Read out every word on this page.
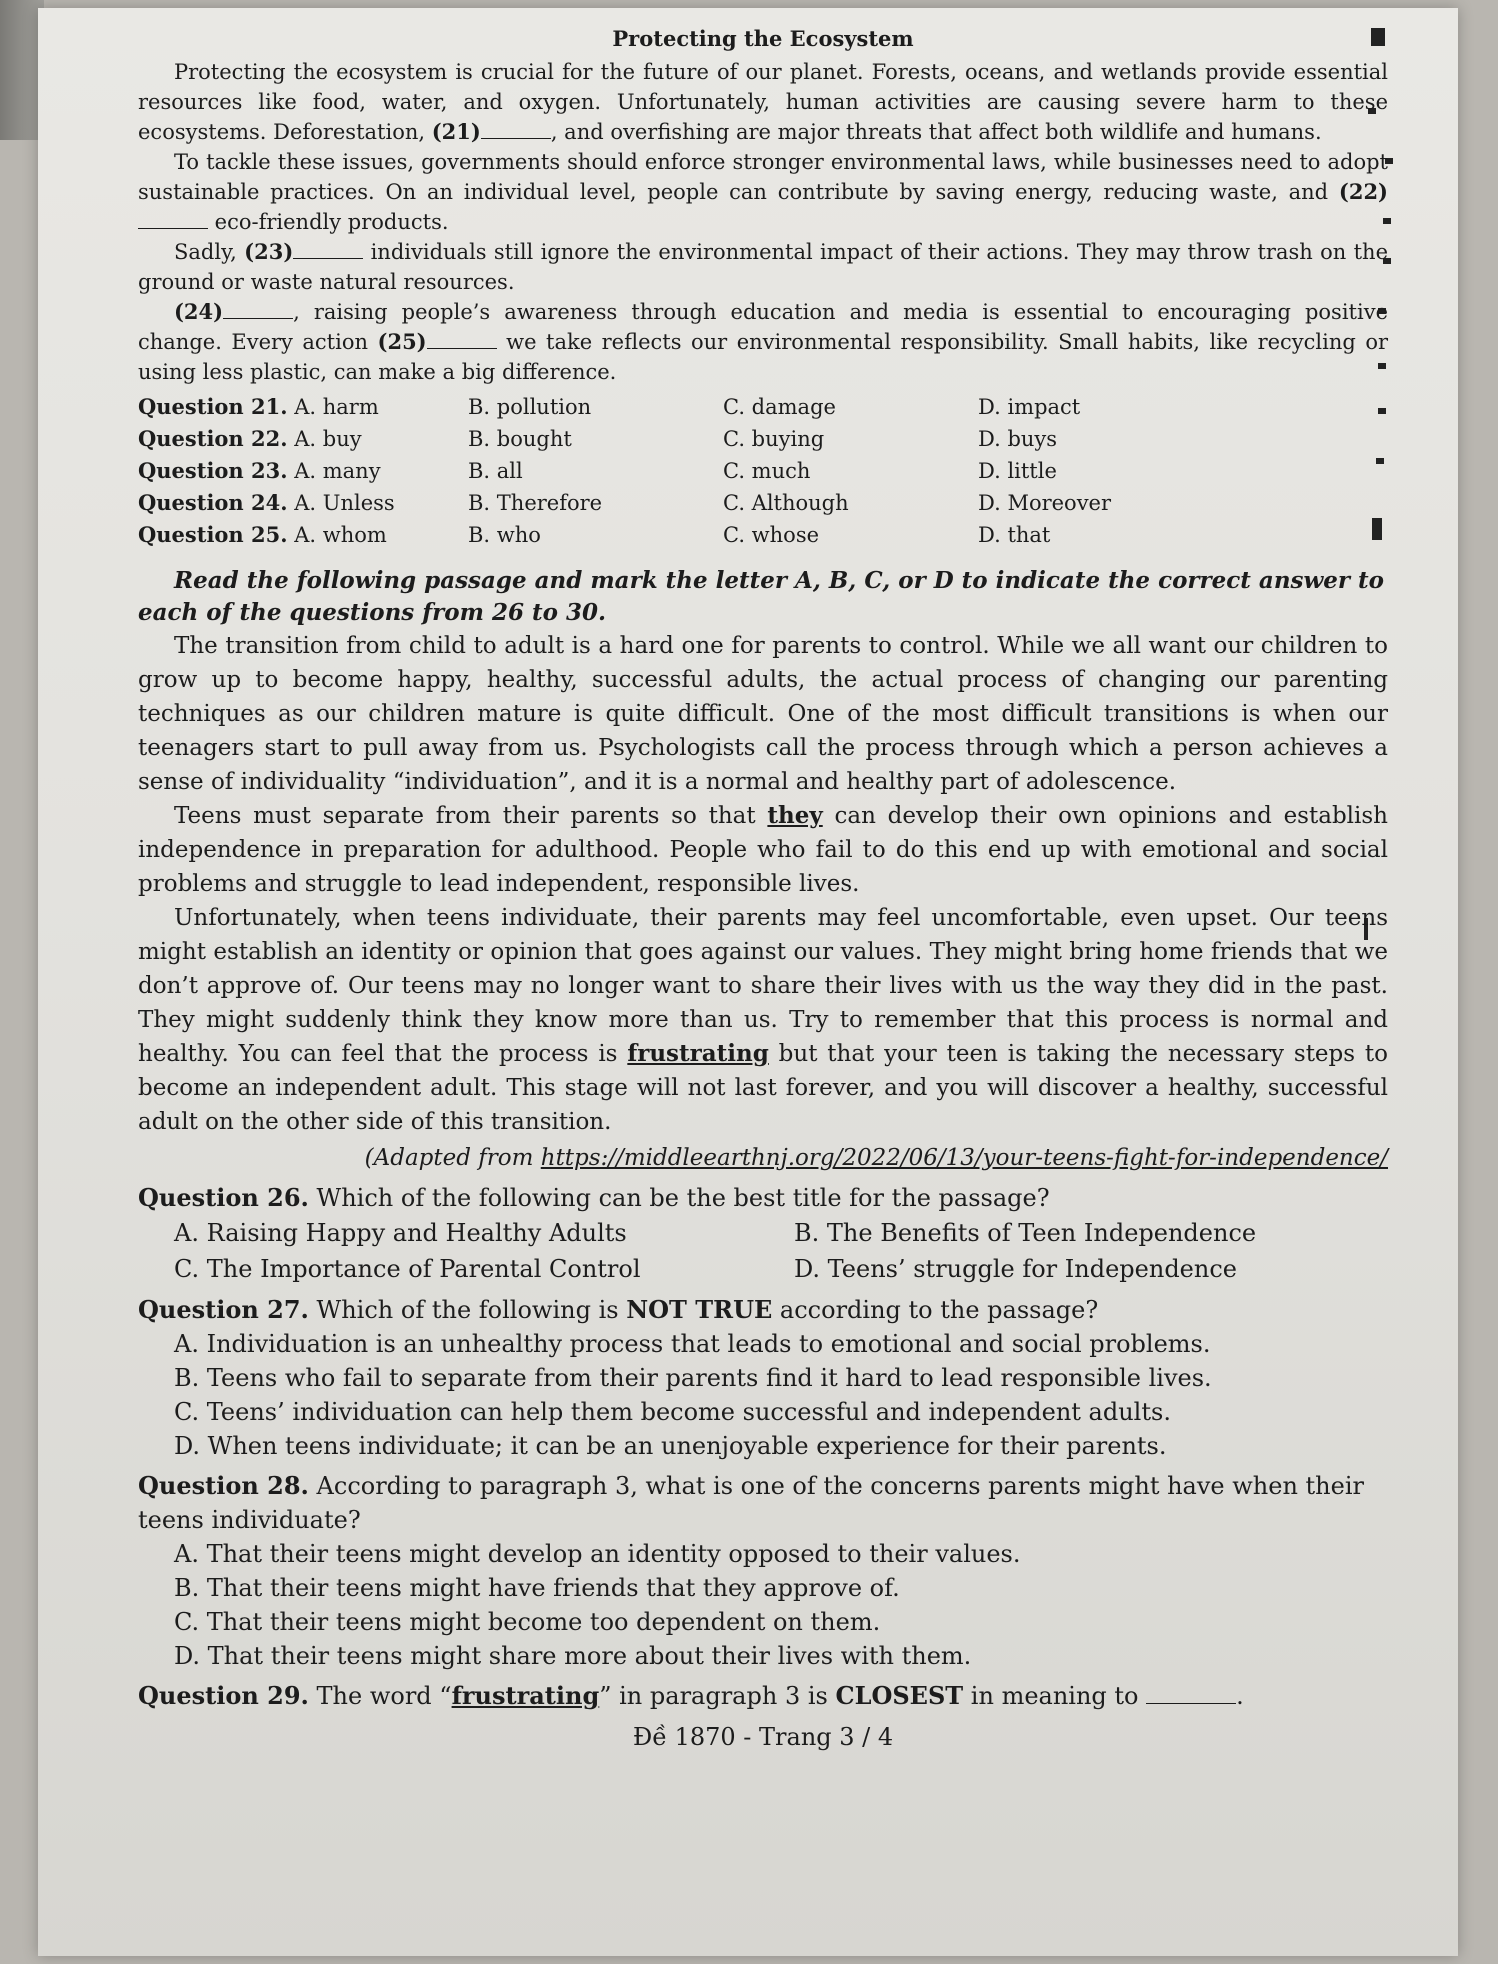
Protecting the Ecosystem

Protecting the ecosystem is crucial for the future of our planet. Forests, oceans, and wetlands provide essential resources like food, water, and oxygen. Unfortunately, human activities are causing severe harm to these ecosystems. Deforestation, (21)	, and overfishing are major threats that affect both wildlife and humans.

To tackle these issues, governments should enforce stronger environmental laws, while businesses need to adopt sustainable practices. On an individual level, people can contribute by saving energy, reducing waste, and (22) eco-friendly products.

Sadly, (23)	individuals still ignore the environmental impact of their actions. They may throw trash on the ground or waste natural resources.

(24)	, raising people’s awareness through education and media is essential to encouraging positive change. Every action (25)	we take reflects our environmental responsibility. Small habits, like recycling or using less plastic, can make a big difference.

Question 21. A. harm	B. pollution	C. damage	D. impact
Question 22. A. buy	B. bought	C. buying	D. buys
Question 23. A. many	B. all	C. much	D. little
Question 24. A. Unless	B. Therefore	C. Although	D. Moreover
Question 25. A. whom	B. who	C. whose	D. that

Read the following passage and mark the letter A, B, C, or D to indicate the correct answer to each of the questions from 26 to 30.

The transition from child to adult is a hard one for parents to control. While we all want our children to grow up to become happy, healthy, successful adults, the actual process of changing our parenting techniques as our children mature is quite difficult. One of the most difficult transitions is when our teenagers start to pull away from us. Psychologists call the process through which a person achieves a sense of individuality “individuation”, and it is a normal and healthy part of adolescence.

Teens must separate from their parents so that they can develop their own opinions and establish independence in preparation for adulthood. People who fail to do this end up with emotional and social problems and struggle to lead independent, responsible lives.

Unfortunately, when teens individuate, their parents may feel uncomfortable, even upset. Our teens might establish an identity or opinion that goes against our values. They might bring home friends that we don’t approve of. Our teens may no longer want to share their lives with us the way they did in the past. They might suddenly think they know more than us. Try to remember that this process is normal and healthy. You can feel that the process is frustrating but that your teen is taking the necessary steps to become an independent adult. This stage will not last forever, and you will discover a healthy, successful adult on the other side of this transition.

(Adapted from https://middleearthnj.org/2022/06/13/your-teens-fight-for-independence/
Question 26. Which of the following can be the best title for the passage?
A. Raising Happy and Healthy Adults	B. The Benefits of Teen Independence
C. The Importance of Parental Control	D. Teens’ struggle for Independence
Question 27. Which of the following is NOT TRUE according to the passage?
A. Individuation is an unhealthy process that leads to emotional and social problems.
B. Teens who fail to separate from their parents find it hard to lead responsible lives.
C. Teens’ individuation can help them become successful and independent adults.
D. When teens individuate; it can be an unenjoyable experience for their parents.
Question 28. According to paragraph 3, what is one of the concerns parents might have when their teens individuate?
A. That their teens might develop an identity opposed to their values.
B. That their teens might have friends that they approve of.
C. That their teens might become too dependent on them.
D. That their teens might share more about their lives with them.
Question 29. The word “frustrating” in paragraph 3 is CLOSEST in meaning to	.
Đề 1870 - Trang 3 / 4
